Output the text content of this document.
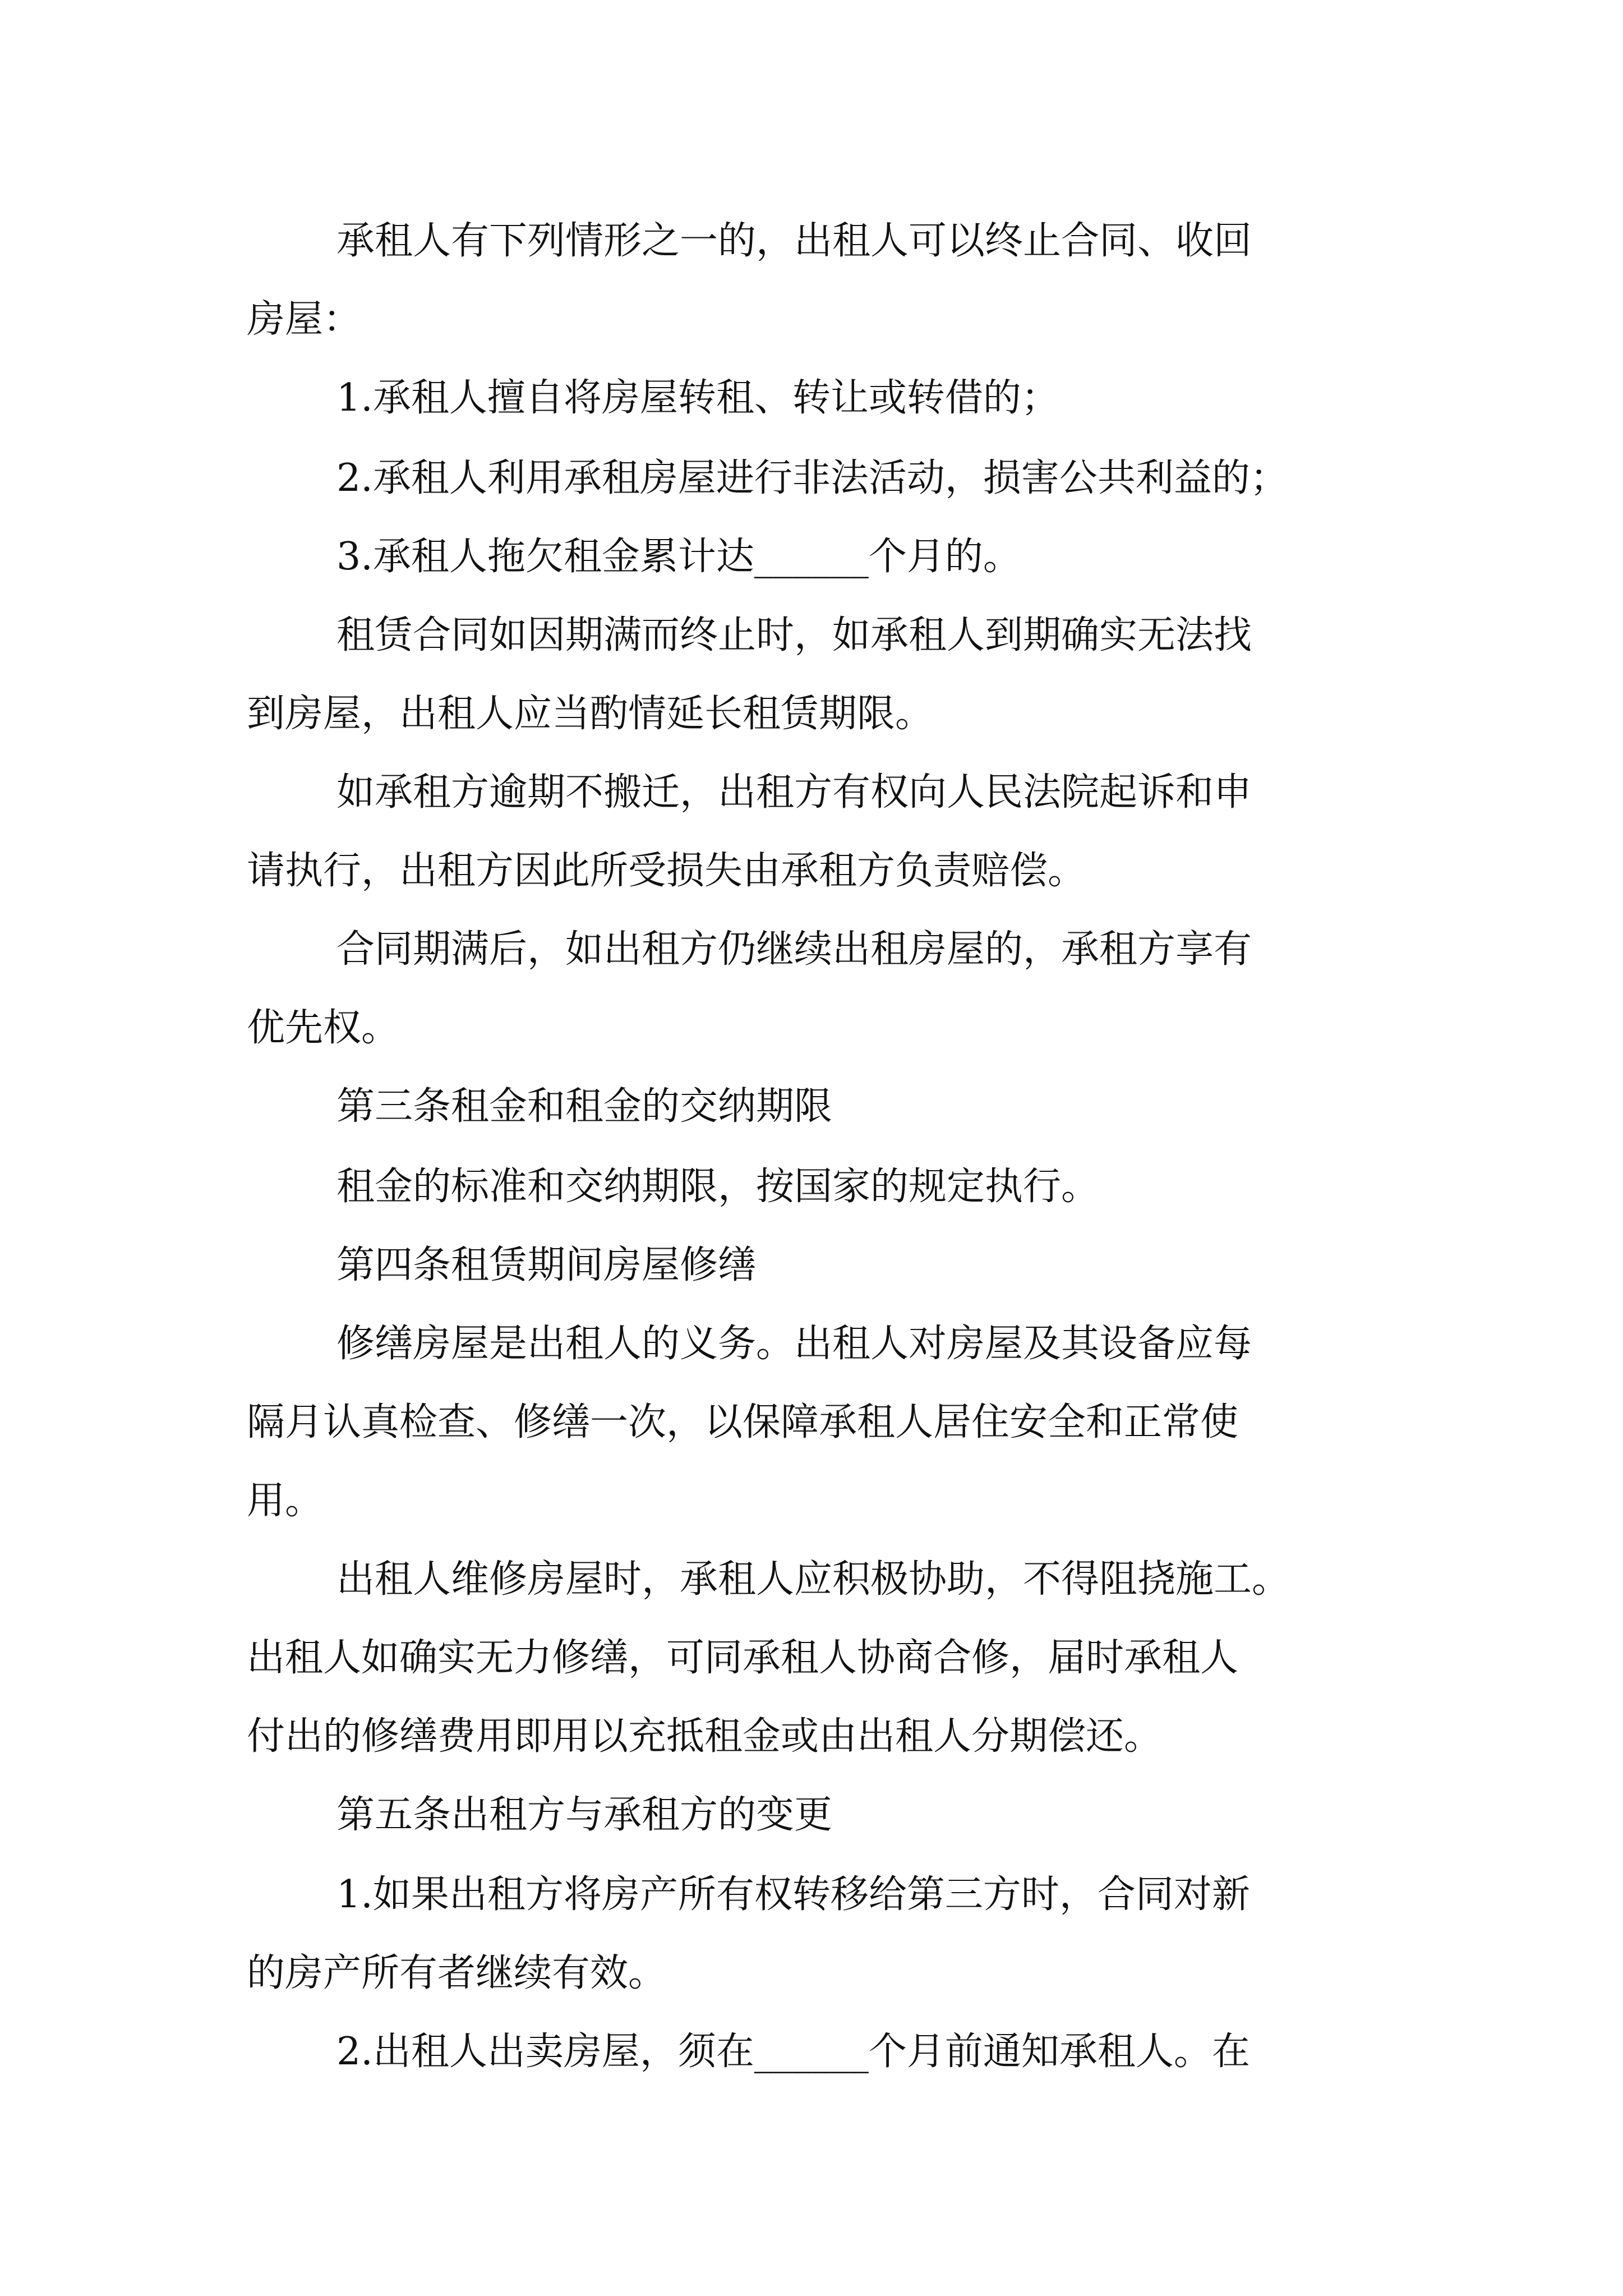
承租人有下列情形之一的，出租人可以终止合同、收回

房屋：

1.承租人擅自将房屋转租、转让或转借的；

2.承租人利用承租房屋进行非法活动，损害公共利益的；

3.承租人拖欠租金累计达______个月的。

租赁合同如因期满而终止时，如承租人到期确实无法找

到房屋，出租人应当酌情延长租赁期限。

如承租方逾期不搬迁，出租方有权向人民法院起诉和申

请执行，出租方因此所受损失由承租方负责赔偿。

合同期满后，如出租方仍继续出租房屋的，承租方享有

优先权。

第三条租金和租金的交纳期限

租金的标准和交纳期限，按国家的规定执行。

第四条租赁期间房屋修缮

修缮房屋是出租人的义务。出租人对房屋及其设备应每

隔月认真检查、修缮一次，以保障承租人居住安全和正常使

用。

出租人维修房屋时，承租人应积极协助，不得阻挠施工。

出租人如确实无力修缮，可同承租人协商合修，届时承租人

付出的修缮费用即用以充抵租金或由出租人分期偿还。

第五条出租方与承租方的变更

1.如果出租方将房产所有权转移给第三方时，合同对新

的房产所有者继续有效。

2.出租人出卖房屋，须在______个月前通知承租人。在
